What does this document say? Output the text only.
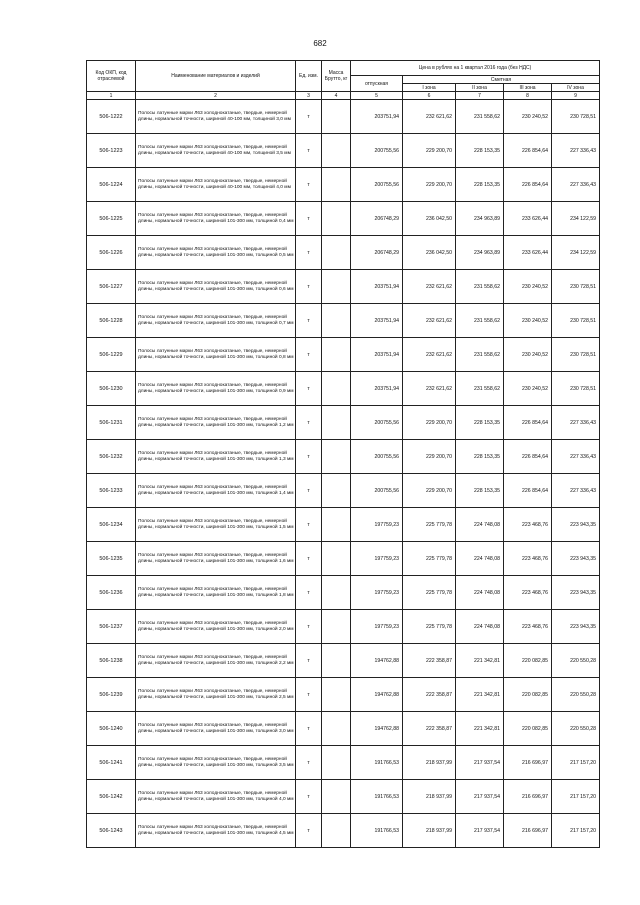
682
Код ОКП, код отраслевой	Наименование материалов и изделий	Ед. изм.	Масса Брутто, кг	Цена в рублях на 1 квартал 2016 года (без НДС)				
				отпускная	Сметная			
					I зона	II зона	III зона	IV зона
1	2	3	4	5	6	7	8	9
506-1222	Полосы латунные марки Л63 холоднокатаные, твердые, немерной длины, нормальной точности, шириной 40-100 мм, толщиной 3,0 мм	т		203751,94	232 621,62	231 558,62	230 240,52	230 728,51
506-1223	Полосы латунные марки Л63 холоднокатаные, твердые, немерной длины, нормальной точности, шириной 40-100 мм, толщиной 3,5 мм	т		200755,56	229 200,70	228 153,35	226 854,64	227 336,43
506-1224	Полосы латунные марки Л63 холоднокатаные, твердые, немерной длины, нормальной точности, шириной 40-100 мм, толщиной 4,0 мм	т		200755,56	229 200,70	228 153,35	226 854,64	227 336,43
506-1225	Полосы латунные марки Л63 холоднокатаные, твердые, немерной длины, нормальной точности, шириной 101-300 мм, толщиной 0,4 мм	т		206748,29	236 042,50	234 963,89	233 626,44	234 122,59
506-1226	Полосы латунные марки Л63 холоднокатаные, твердые, немерной длины, нормальной точности, шириной 101-300 мм, толщиной 0,5 мм	т		206748,29	236 042,50	234 963,89	233 626,44	234 122,59
506-1227	Полосы латунные марки Л63 холоднокатаные, твердые, немерной длины, нормальной точности, шириной 101-300 мм, толщиной 0,6 мм	т		203751,94	232 621,62	231 558,62	230 240,52	230 728,51
506-1228	Полосы латунные марки Л63 холоднокатаные, твердые, немерной длины, нормальной точности, шириной 101-300 мм, толщиной 0,7 мм	т		203751,94	232 621,62	231 558,62	230 240,52	230 728,51
506-1229	Полосы латунные марки Л63 холоднокатаные, твердые, немерной длины, нормальной точности, шириной 101-300 мм, толщиной 0,8 мм	т		203751,94	232 621,62	231 558,62	230 240,52	230 728,51
506-1230	Полосы латунные марки Л63 холоднокатаные, твердые, немерной длины, нормальной точности, шириной 101-300 мм, толщиной 0,9 мм	т		203751,94	232 621,62	231 558,62	230 240,52	230 728,51
506-1231	Полосы латунные марки Л63 холоднокатаные, твердые, немерной длины, нормальной точности, шириной 101-300 мм, толщиной 1,2 мм	т		200755,56	229 200,70	228 153,35	226 854,64	227 336,43
506-1232	Полосы латунные марки Л63 холоднокатаные, твердые, немерной длины, нормальной точности, шириной 101-300 мм, толщиной 1,3 мм	т		200755,56	229 200,70	228 153,35	226 854,64	227 336,43
506-1233	Полосы латунные марки Л63 холоднокатаные, твердые, немерной длины, нормальной точности, шириной 101-300 мм, толщиной 1,4 мм	т		200755,56	229 200,70	228 153,35	226 854,64	227 336,43
506-1234	Полосы латунные марки Л63 холоднокатаные, твердые, немерной длины, нормальной точности, шириной 101-300 мм, толщиной 1,5 мм	т		197759,23	225 779,78	224 748,08	223 468,76	223 943,35
506-1235	Полосы латунные марки Л63 холоднокатаные, твердые, немерной длины, нормальной точности, шириной 101-300 мм, толщиной 1,6 мм	т		197759,23	225 779,78	224 748,08	223 468,76	223 943,35
506-1236	Полосы латунные марки Л63 холоднокатаные, твердые, немерной длины, нормальной точности, шириной 101-300 мм, толщиной 1,8 мм	т		197759,23	225 779,78	224 748,08	223 468,76	223 943,35
506-1237	Полосы латунные марки Л63 холоднокатаные, твердые, немерной длины, нормальной точности, шириной 101-300 мм, толщиной 2,0 мм	т		197759,23	225 779,78	224 748,08	223 468,76	223 943,35
506-1238	Полосы латунные марки Л63 холоднокатаные, твердые, немерной длины, нормальной точности, шириной 101-300 мм, толщиной 2,2 мм	т		194762,88	222 358,87	221 342,81	220 082,85	220 550,28
506-1239	Полосы латунные марки Л63 холоднокатаные, твердые, немерной длины, нормальной точности, шириной 101-300 мм, толщиной 2,5 мм	т		194762,88	222 358,87	221 342,81	220 082,85	220 550,28
506-1240	Полосы латунные марки Л63 холоднокатаные, твердые, немерной длины, нормальной точности, шириной 101-300 мм, толщиной 3,0 мм	т		194762,88	222 358,87	221 342,81	220 082,85	220 550,28
506-1241	Полосы латунные марки Л63 холоднокатаные, твердые, немерной длины, нормальной точности, шириной 101-300 мм, толщиной 3,5 мм	т		191766,53	218 937,99	217 937,54	216 696,97	217 157,20
506-1242	Полосы латунные марки Л63 холоднокатаные, твердые, немерной длины, нормальной точности, шириной 101-300 мм, толщиной 4,0 мм	т		191766,53	218 937,99	217 937,54	216 696,97	217 157,20
506-1243	Полосы латунные марки Л63 холоднокатаные, твердые, немерной длины, нормальной точности, шириной 101-300 мм, толщиной 4,5 мм	т		191766,53	218 937,99	217 937,54	216 696,97	217 157,20
